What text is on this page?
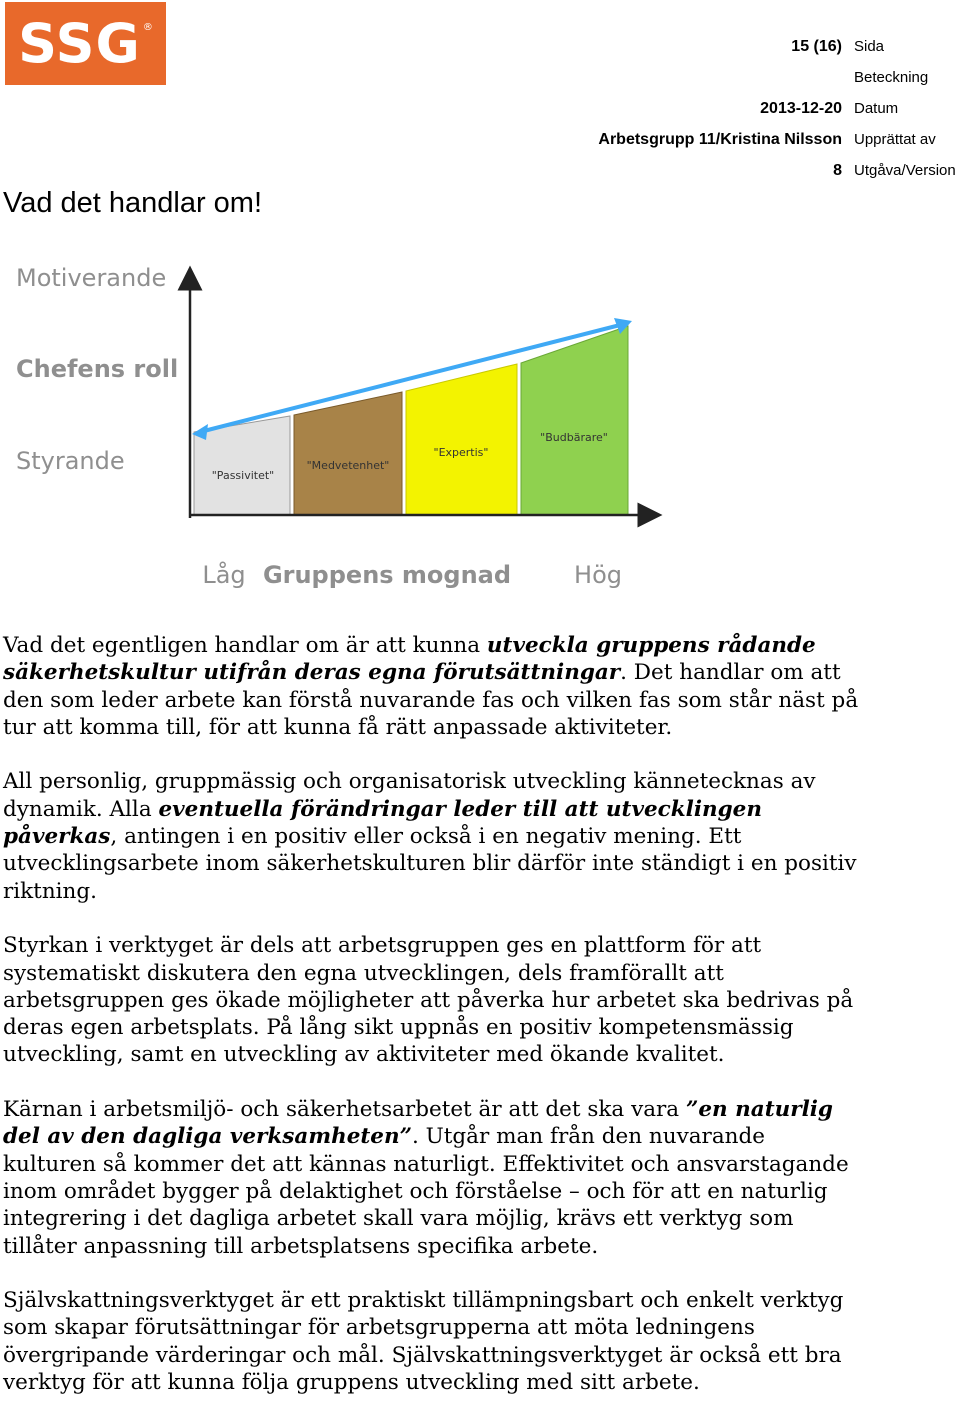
SSG ®
15 (16) Sida
Beteckning
2013-12-20 Datum
Arbetsgrupp 11/Kristina Nilsson Upprättat av
8 Utgåva/Version
Vad det handlar om!
Motiverande
Chefens roll
Styrande
"Passivitet"
"Medvetenhet"
"Expertis"
"Budbärare"
Låg Gruppens mognad	Hög

Vad det egentligen handlar om är att kunna utveckla gruppens rådande säkerhetskultur utifrån deras egna förutsättningar. Det handlar om att den som leder arbete kan förstå nuvarande fas och vilken fas som står näst på tur att komma till, för att kunna få rätt anpassade aktiviteter.

All personlig, gruppmässig och organisatorisk utveckling kännetecknas av dynamik. Alla eventuella förändringar leder till att utvecklingen påverkas, antingen i en positiv eller också i en negativ mening. Ett utvecklingsarbete inom säkerhetskulturen blir därför inte ständigt i en positiv riktning.

Styrkan i verktyget är dels att arbetsgruppen ges en plattform för att systematiskt diskutera den egna utvecklingen, dels framförallt att arbetsgruppen ges ökade möjligheter att påverka hur arbetet ska bedrivas på deras egen arbetsplats. På lång sikt uppnås en positiv kompetensmässig utveckling, samt en utveckling av aktiviteter med ökande kvalitet.

Kärnan i arbetsmiljö- och säkerhetsarbetet är att det ska vara ”en naturlig del av den dagliga verksamheten”. Utgår man från den nuvarande kulturen så kommer det att kännas naturligt. Effektivitet och ansvarstagande inom området bygger på delaktighet och förståelse – och för att en naturlig integrering i det dagliga arbetet skall vara möjlig, krävs ett verktyg som tillåter anpassning till arbetsplatsens specifika arbete.

Självskattningsverktyget är ett praktiskt tillämpningsbart och enkelt verktyg som skapar förutsättningar för arbetsgrupperna att möta ledningens övergripande värderingar och mål. Självskattningsverktyget är också ett bra verktyg för att kunna följa gruppens utveckling med sitt arbete.
